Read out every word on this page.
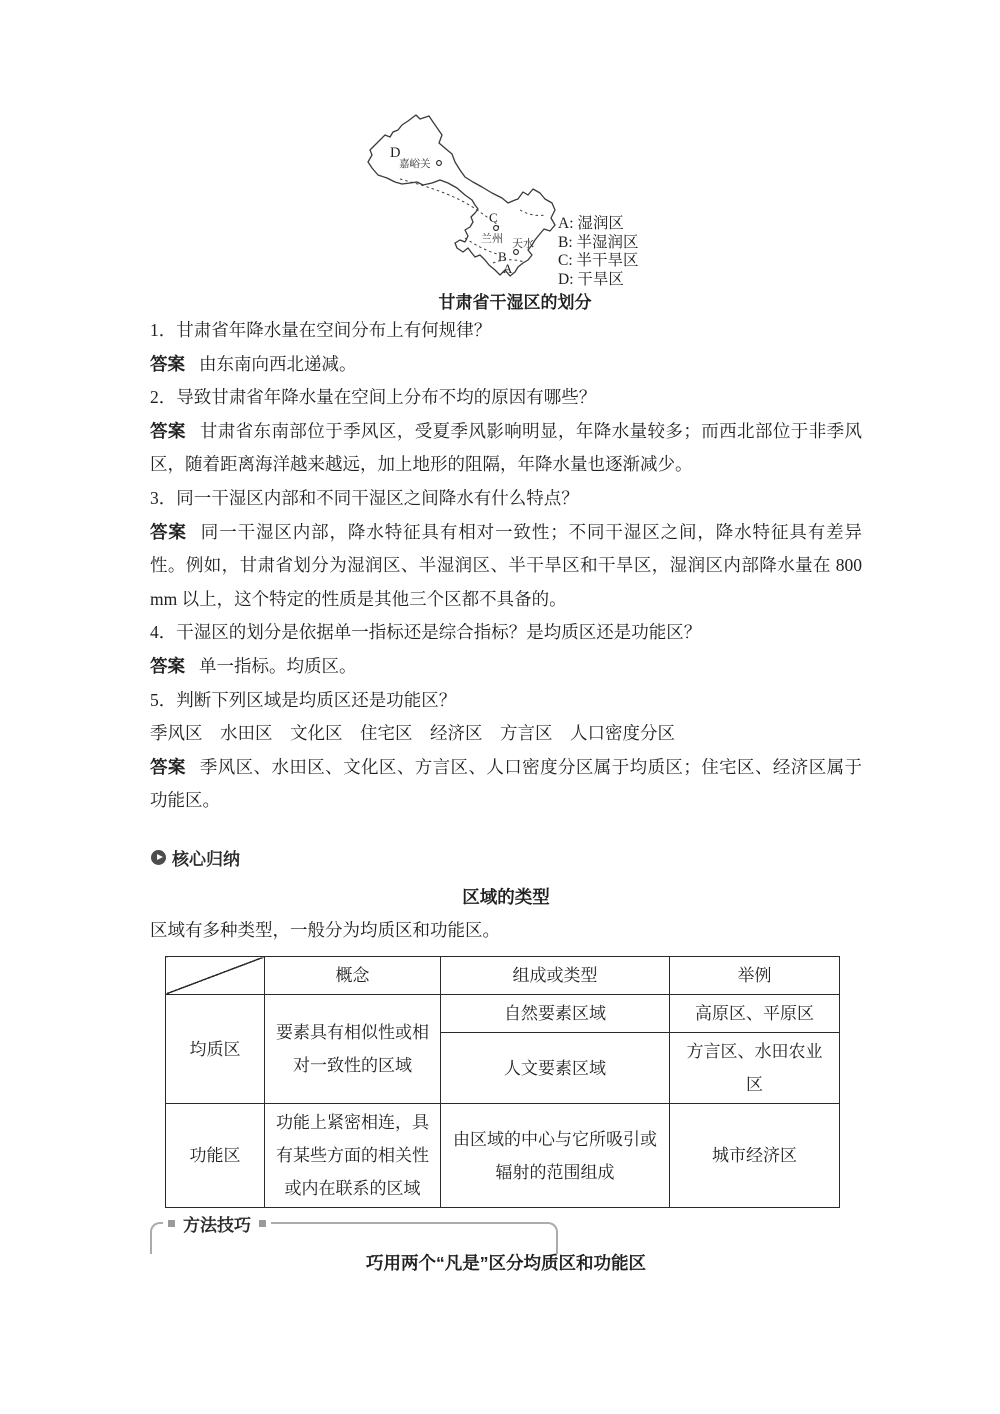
D
C
B
A
嘉峪关
兰州 天水
A: 湿润区
B: 半湿润区
C: 半干旱区
D: 干旱区
甘肃省干湿区的划分

1．甘肃省年降水量在空间分布上有何规律？

答案 由东南向西北递减。

2．导致甘肃省年降水量在空间上分布不均的原因有哪些？

答案 甘肃省东南部位于季风区，受夏季风影响明显，年降水量较多；而西北部位于非季风区，随着距离海洋越来越远，加上地形的阻隔，年降水量也逐渐减少。

3．同一干湿区内部和不同干湿区之间降水有什么特点？

答案 同一干湿区内部，降水特征具有相对一致性；不同干湿区之间，降水特征具有差异性。例如，甘肃省划分为湿润区、半湿润区、半干旱区和干旱区，湿润区内部降水量在 800 mm 以上，这个特定的性质是其他三个区都不具备的。

4．干湿区的划分是依据单一指标还是综合指标？是均质区还是功能区？

答案 单一指标。均质区。

5．判断下列区域是均质区还是功能区？

季风区　水田区　文化区　住宅区　经济区　方言区　人口密度分区

答案 季风区、水田区、文化区、方言区、人口密度分区属于均质区；住宅区、经济区属于功能区。

核心归纳
区域的类型
区域有多种类型，一般分为均质区和功能区。
	概念	组成或类型	举例
均质区	要素具有相似性或相对一致性的区域	自然要素区域	高原区、平原区
		人文要素区域	方言区、水田农业区
功能区	功能上紧密相连，具有某些方面的相关性或内在联系的区域	由区域的中心与它所吸引或辐射的范围组成	城市经济区
方法技巧
巧用两个“凡是”区分均质区和功能区
